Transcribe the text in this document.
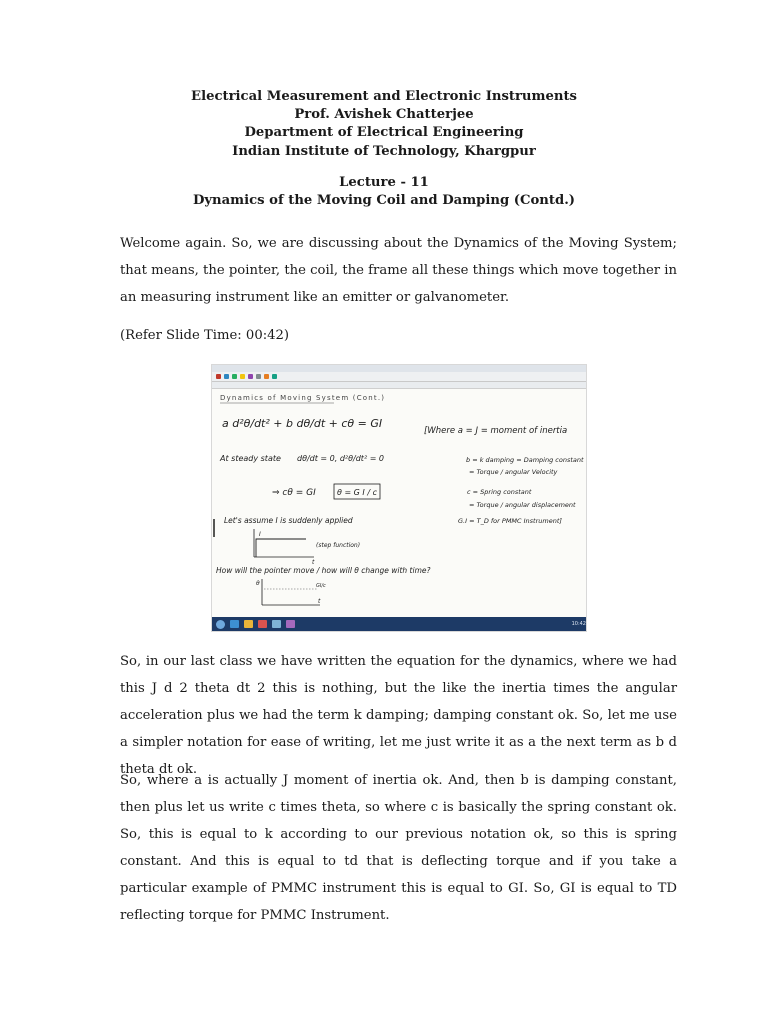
Electrical Measurement and Electronic Instruments
Prof. Avishek Chatterjee
Department of Electrical Engineering
Indian Institute of Technology, Khargpur
Lecture - 11
Dynamics of the Moving Coil and Damping (Contd.)

Welcome again. So, we are discussing about the Dynamics of the Moving System; that means, the pointer, the coil, the frame all these things which move together in an measuring instrument like an emitter or galvanometer.

(Refer Slide Time: 00:42)

Dynamics of Moving System (Cont.)
a d²θ/dt² + b dθ/dt + cθ = GI
At steady state dθ/dt = 0, d²θ/dt² = 0
⇒ cθ = GI	θ = G I / c
[Where a = J = moment of inertia
b = k damping = Damping constant
= Torque / angular Velocity
c = Spring constant
= Torque / angular displacement
G.I = T_D for PMMC Instrument]
Let's assume I is suddenly applied
I
t
(step function)
How will the pointer move / how will θ change with time?
θ
t
GI/c
10:42

So, in our last class we have written the equation for the dynamics, where we had this J d 2 theta dt 2 this is nothing, but the like the inertia times the angular acceleration plus we had the term k damping; damping constant ok. So, let me use a simpler notation for ease of writing, let me just write it as a the next term as b d theta dt ok.

So, where a is actually J moment of inertia ok. And, then b is damping constant, then plus let us write c times theta, so where c is basically the spring constant ok. So, this is equal to k according to our previous notation ok, so this is spring constant. And this is equal to td that is deflecting torque and if you take a particular example of PMMC instrument this is equal to GI. So, GI is equal to TD reflecting torque for PMMC Instrument.
